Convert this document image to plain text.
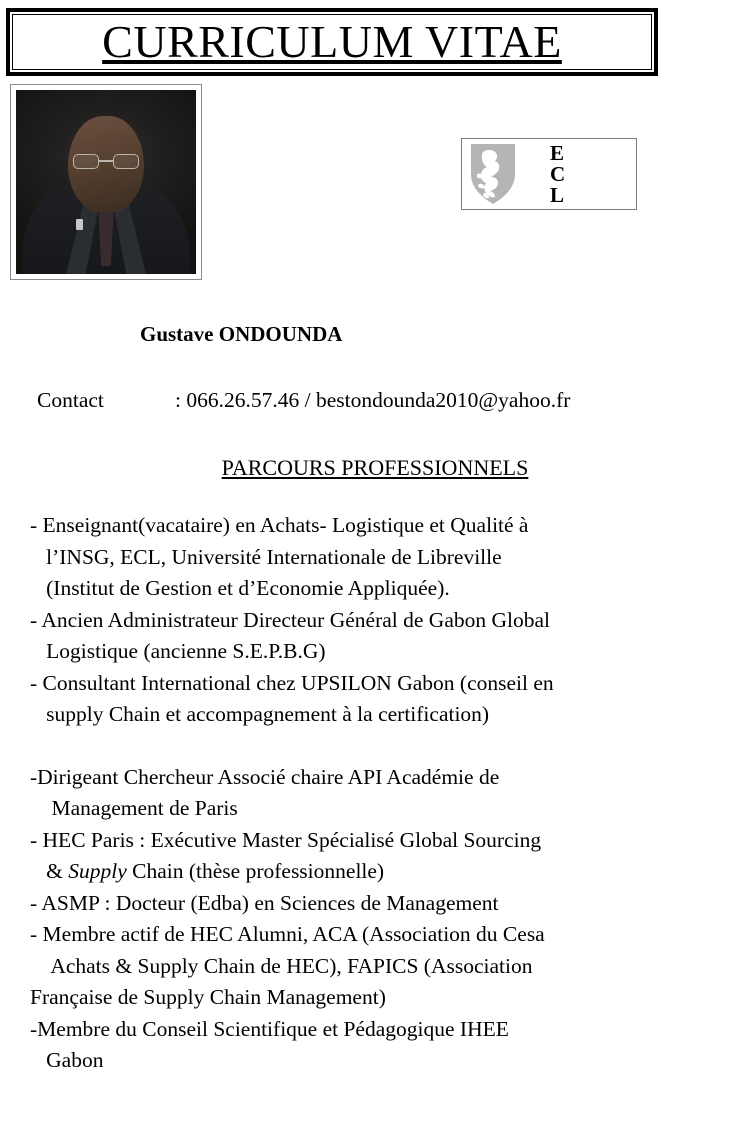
CURRICULUM VITAE
E
C
L
Gustave ONDOUNDA
Contact	: 066.26.57.46 / bestondounda2010@yahoo.fr
PARCOURS PROFESSIONNELS

- Enseignant(vacataire) en Achats- Logistique et Qualité à

l’INSG, ECL, Université Internationale de Libreville

(Institut de Gestion et d’Economie Appliquée).

- Ancien Administrateur Directeur Général de Gabon Global

Logistique (ancienne S.E.P.B.G)

- Consultant International chez UPSILON Gabon (conseil en

supply Chain et accompagnement à la certification)

-Dirigeant Chercheur Associé chaire API Académie de

Management de Paris

- HEC Paris : Exécutive Master Spécialisé Global Sourcing

& Supply Chain (thèse professionnelle)

- ASMP : Docteur (Edba) en Sciences de Management

- Membre actif de HEC Alumni, ACA (Association du Cesa

Achats & Supply Chain de HEC), FAPICS (Association

Française de Supply Chain Management)

-Membre du Conseil Scientifique et Pédagogique IHEE

Gabon
